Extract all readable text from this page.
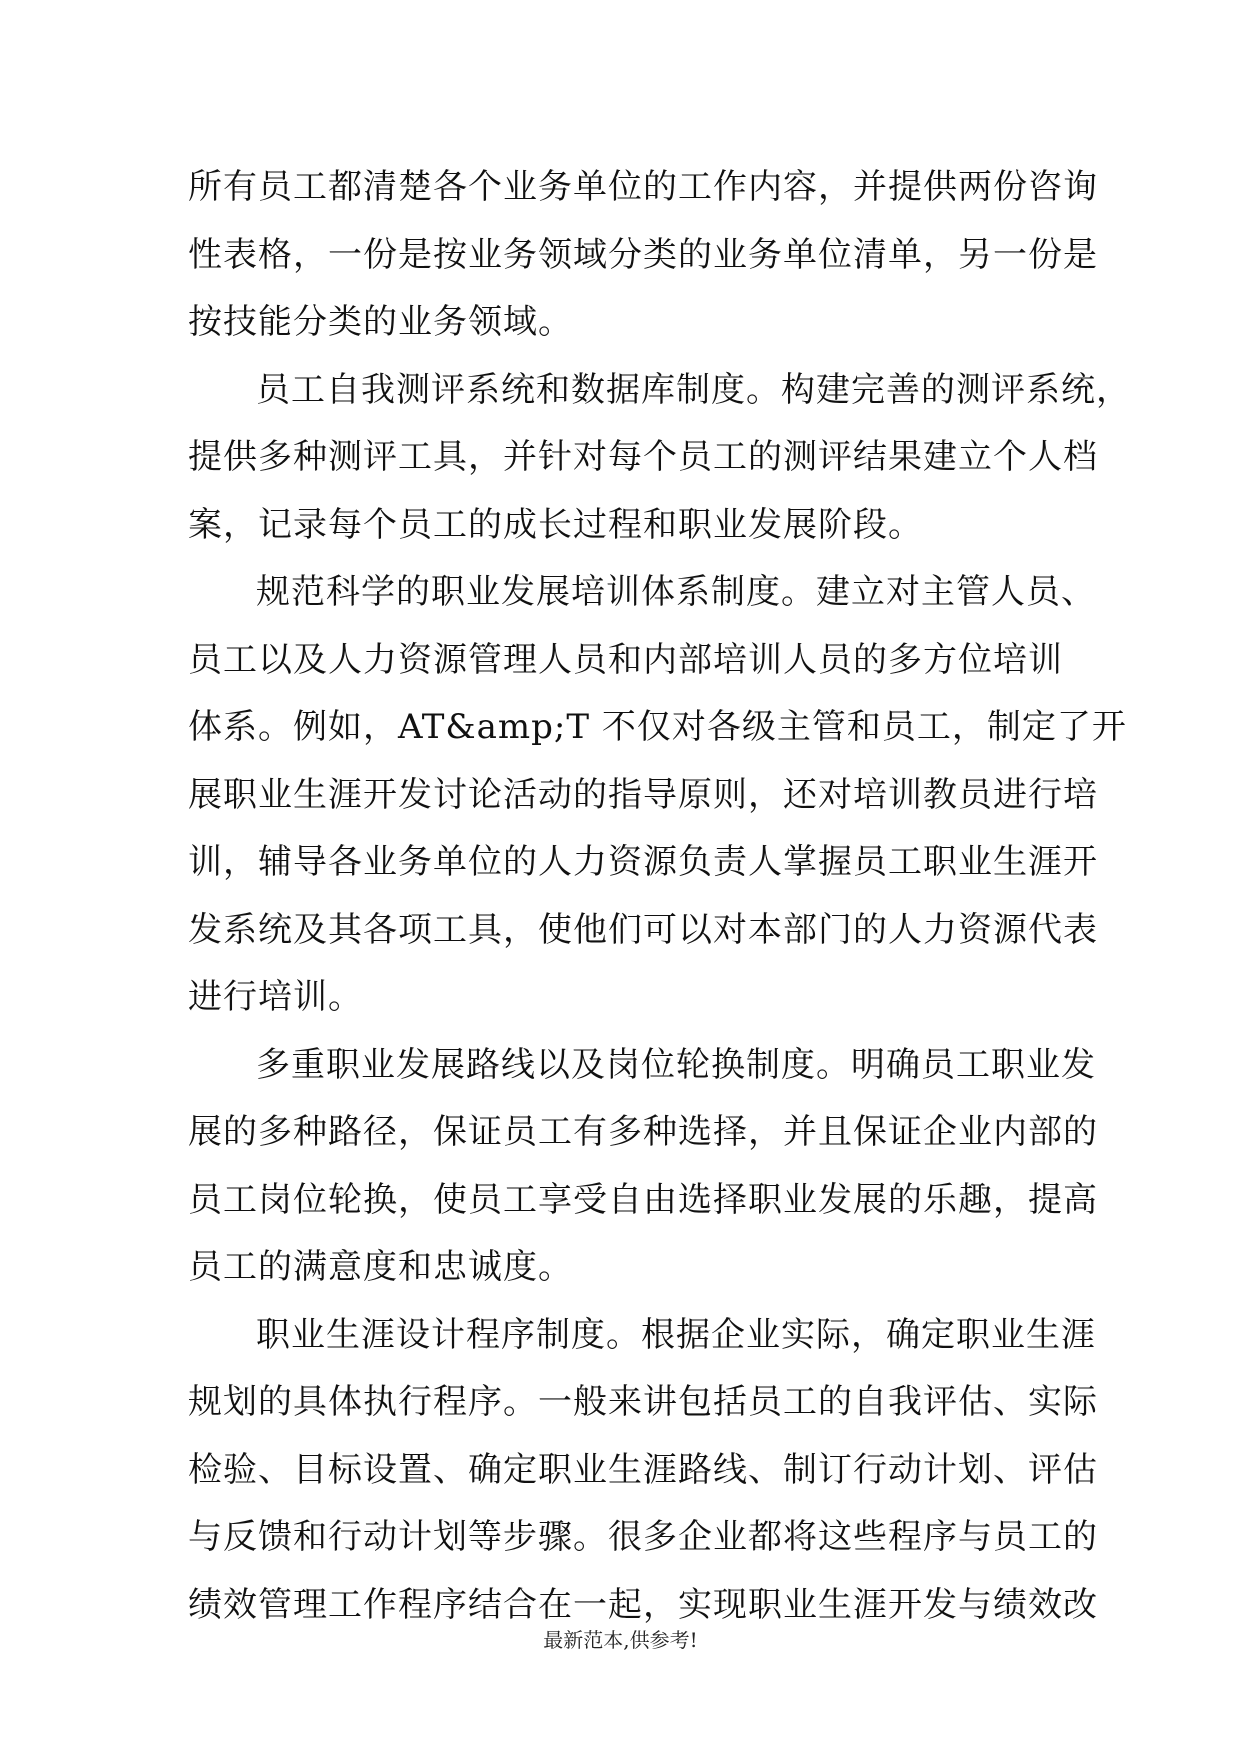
所有员工都清楚各个业务单位的工作内容，并提供两份咨询
性表格，一份是按业务领域分类的业务单位清单，另一份是
按技能分类的业务领域。

员工自我测评系统和数据库制度。构建完善的测评系统，
提供多种测评工具，并针对每个员工的测评结果建立个人档
案，记录每个员工的成长过程和职业发展阶段。

规范科学的职业发展培训体系制度。建立对主管人员、
员工以及人力资源管理人员和内部培训人员的多方位培训
体系。例如，AT&amp;T 不仅对各级主管和员工，制定了开
展职业生涯开发讨论活动的指导原则，还对培训教员进行培
训，辅导各业务单位的人力资源负责人掌握员工职业生涯开
发系统及其各项工具，使他们可以对本部门的人力资源代表
进行培训。

多重职业发展路线以及岗位轮换制度。明确员工职业发
展的多种路径，保证员工有多种选择，并且保证企业内部的
员工岗位轮换，使员工享受自由选择职业发展的乐趣，提高
员工的满意度和忠诚度。

职业生涯设计程序制度。根据企业实际，确定职业生涯
规划的具体执行程序。一般来讲包括员工的自我评估、实际
检验、目标设置、确定职业生涯路线、制订行动计划、评估
与反馈和行动计划等步骤。很多企业都将这些程序与员工的
绩效管理工作程序结合在一起，实现职业生涯开发与绩效改

最新范本,供参考!
